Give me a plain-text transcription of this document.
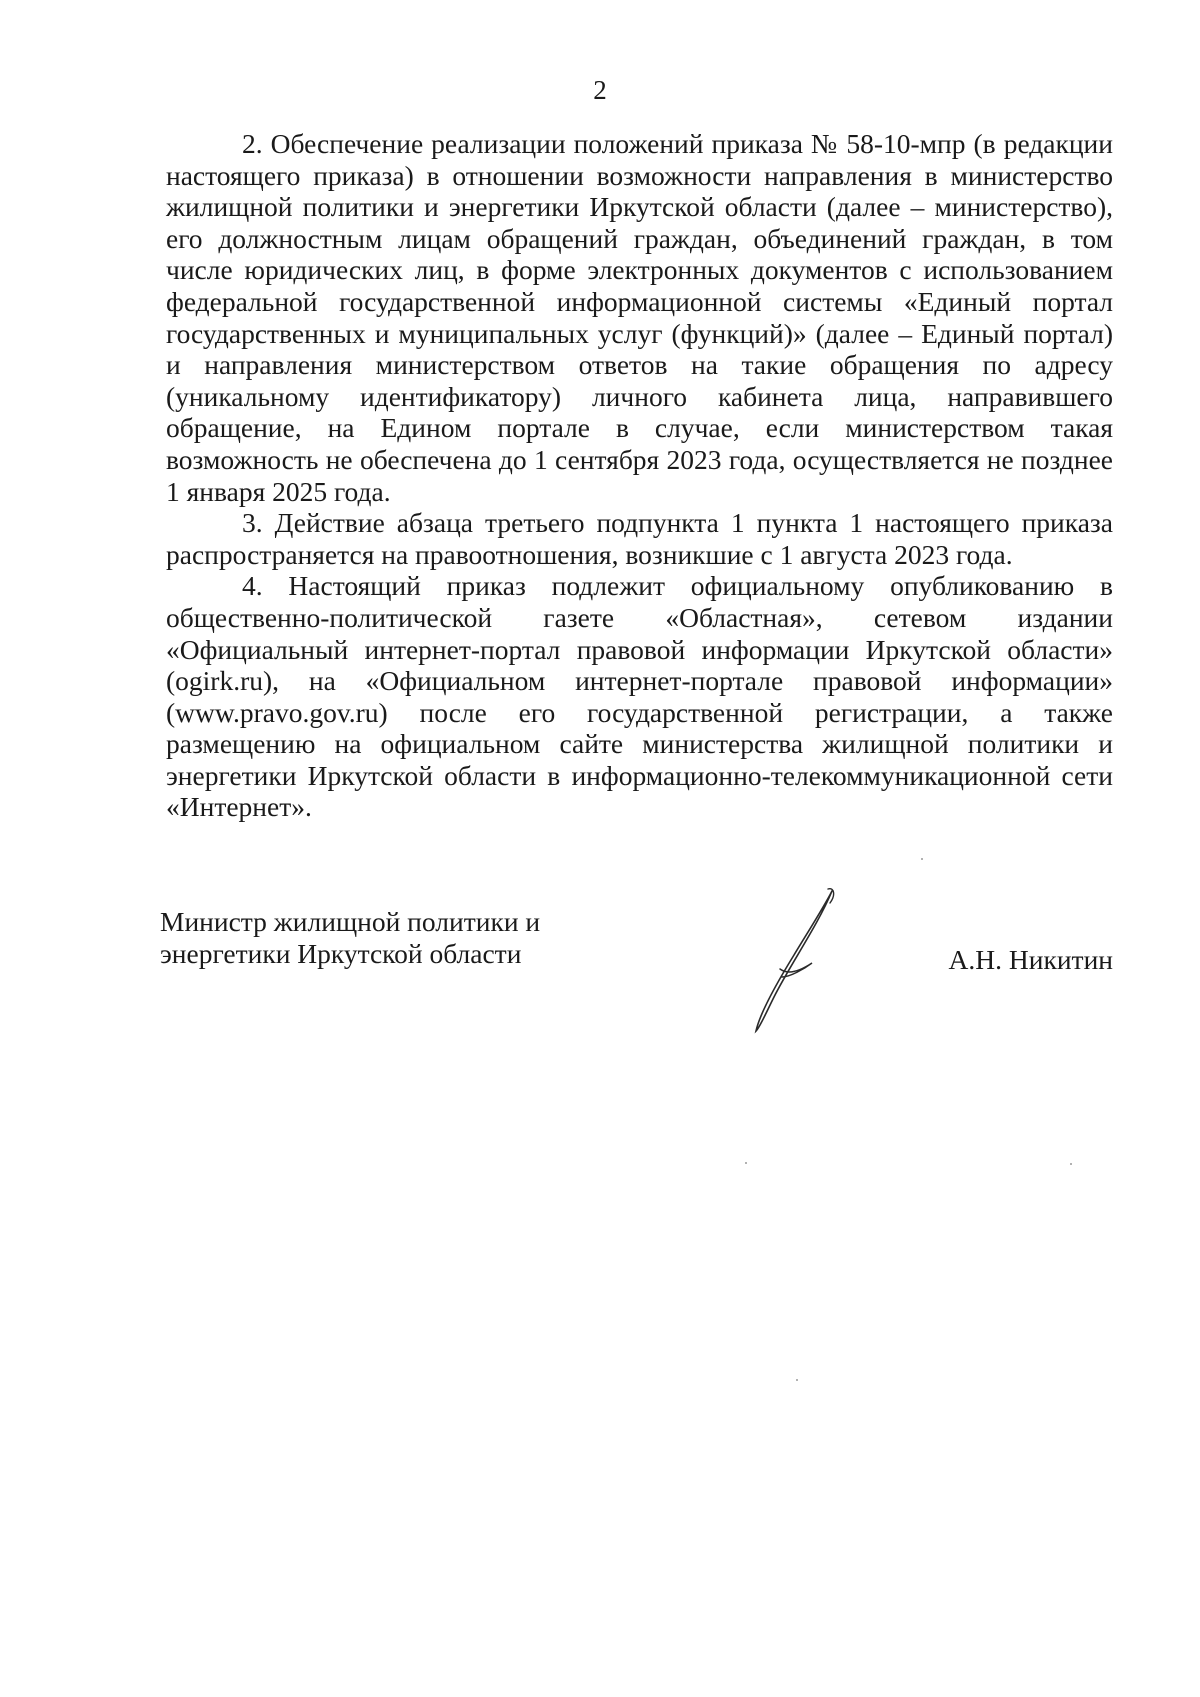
2

2. Обеспечение реализации положений приказа № 58-10-мпр (в редакции настоящего приказа) в отношении возможности направления в министерство жилищной политики и энергетики Иркутской области (далее – министерство), его должностным лицам обращений граждан, объединений граждан, в том числе юридических лиц, в форме электронных документов с использованием федеральной государственной информационной системы «Единый портал государственных и муниципальных услуг (функций)» (далее – Единый портал) и направления министерством ответов на такие обращения по адресу (уникальному идентификатору) личного кабинета лица, направившего обращение, на Едином портале в случае, если министерством такая возможность не обеспечена до 1 сентября 2023 года, осуществляется не позднее 1 января 2025 года.

3. Действие абзаца третьего подпункта 1 пункта 1 настоящего приказа распространяется на правоотношения, возникшие с 1 августа 2023 года.

4. Настоящий приказ подлежит официальному опубликованию в общественно-политической газете «Областная», сетевом издании «Официальный интернет-портал правовой информации Иркутской области» (ogirk.ru), на «Официальном интернет-портале правовой информации» (www.pravo.gov.ru) после его государственной регистрации, а также размещению на официальном сайте министерства жилищной политики и энергетики Иркутской области в информационно-телекоммуникационной сети «Интернет».

Министр жилищной политики и
энергетики Иркутской области	А.Н. Никитин
